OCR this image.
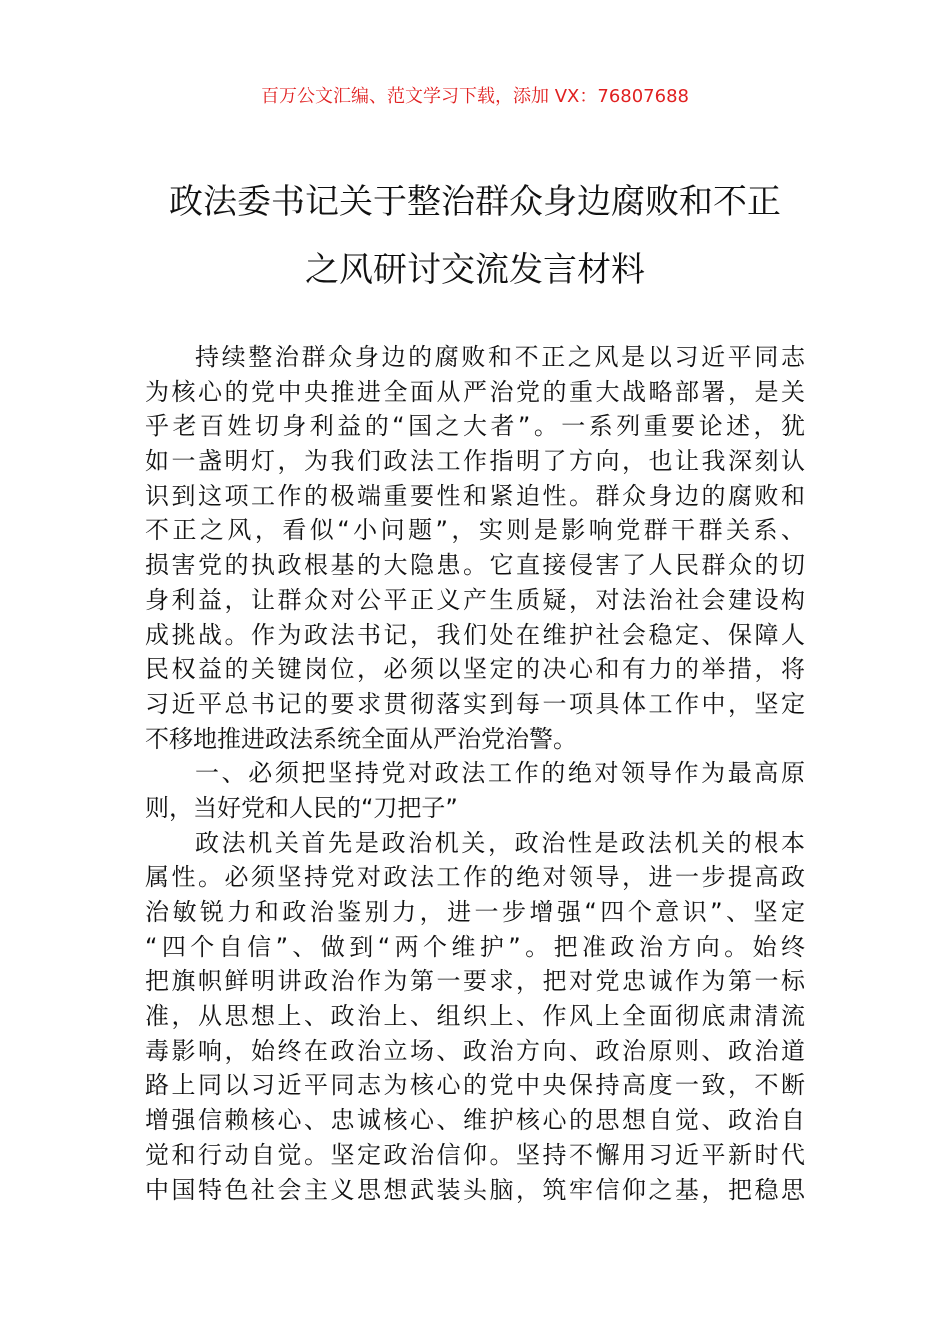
百万公文汇编、范文学习下载，添加 VX：76807688
政法委书记关于整治群众身边腐败和不正
之风研讨交流发言材料
持续整治群众身边的腐败和不正之风是以习近平同志
为核心的党中央推进全面从严治党的重大战略部署，是关
乎老百姓切身利益的“国之大者”。一系列重要论述，犹
如一盏明灯，为我们政法工作指明了方向，也让我深刻认
识到这项工作的极端重要性和紧迫性。群众身边的腐败和
不正之风，看似“小问题”，实则是影响党群干群关系、
损害党的执政根基的大隐患。它直接侵害了人民群众的切
身利益，让群众对公平正义产生质疑，对法治社会建设构
成挑战。作为政法书记，我们处在维护社会稳定、保障人
民权益的关键岗位，必须以坚定的决心和有力的举措，将
习近平总书记的要求贯彻落实到每一项具体工作中，坚定
不移地推进政法系统全面从严治党治警。
一、必须把坚持党对政法工作的绝对领导作为最高原
则，当好党和人民的“刀把子”
政法机关首先是政治机关，政治性是政法机关的根本
属性。必须坚持党对政法工作的绝对领导，进一步提高政
治敏锐力和政治鉴别力，进一步增强“四个意识”、坚定
“四个自信”、做到“两个维护”。把准政治方向。始终
把旗帜鲜明讲政治作为第一要求，把对党忠诚作为第一标
准，从思想上、政治上、组织上、作风上全面彻底肃清流
毒影响，始终在政治立场、政治方向、政治原则、政治道
路上同以习近平同志为核心的党中央保持高度一致，不断
增强信赖核心、忠诚核心、维护核心的思想自觉、政治自
觉和行动自觉。坚定政治信仰。坚持不懈用习近平新时代
中国特色社会主义思想武装头脑，筑牢信仰之基，把稳思
